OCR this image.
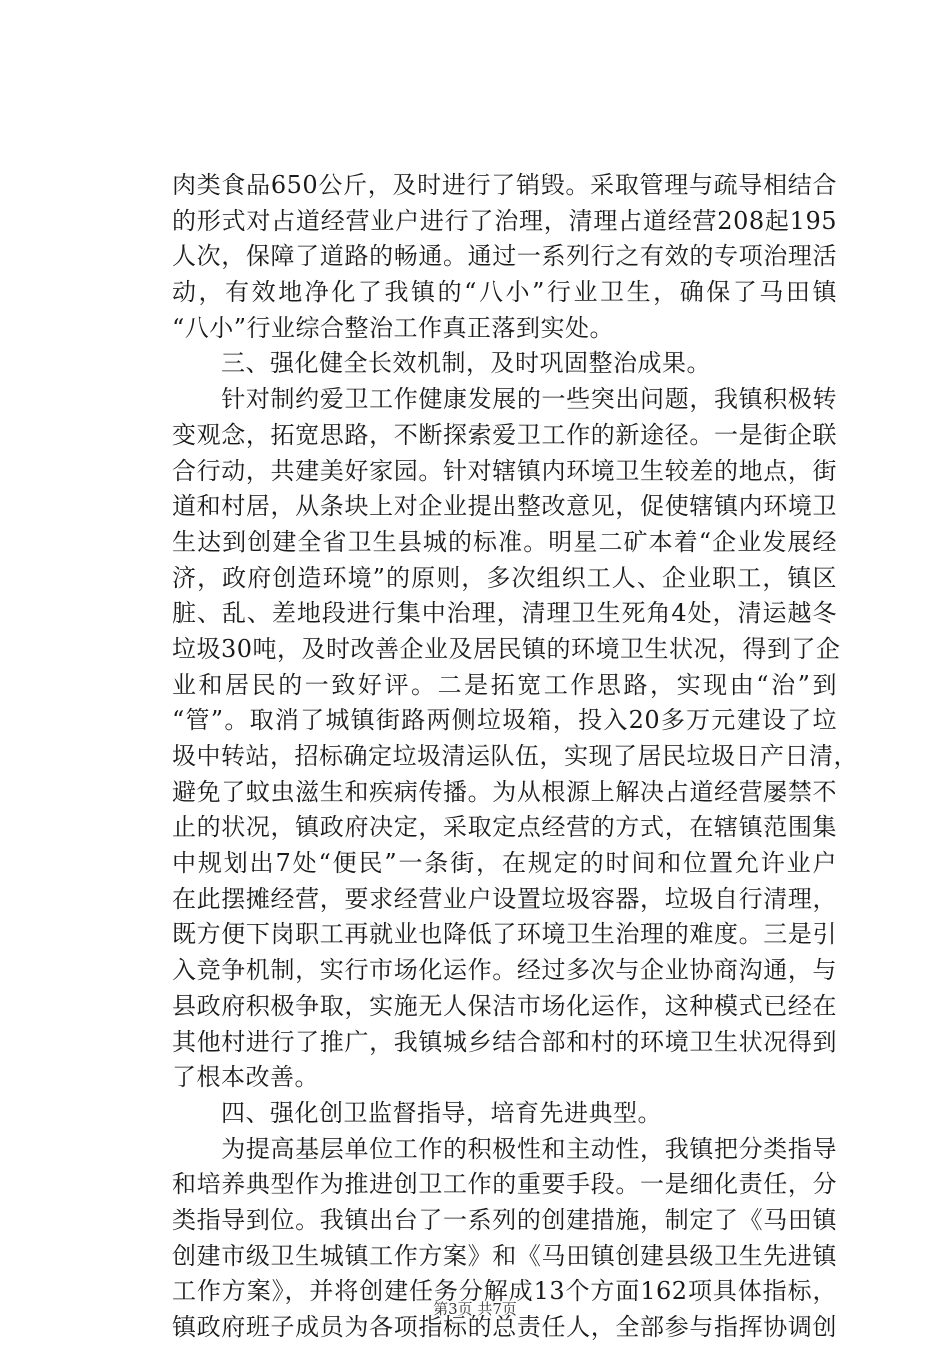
肉类食品650公斤，及时进行了销毁。采取管理与疏导相结合
的形式对占道经营业户进行了治理，清理占道经营208起195
人次，保障了道路的畅通。通过一系列行之有效的专项治理活
动，有效地净化了我镇的“八小”行业卫生，确保了马田镇
“八小”行业综合整治工作真正落到实处。
　　三、强化健全长效机制，及时巩固整治成果。
　　针对制约爱卫工作健康发展的一些突出问题，我镇积极转
变观念，拓宽思路，不断探索爱卫工作的新途径。一是街企联
合行动，共建美好家园。针对辖镇内环境卫生较差的地点，街
道和村居，从条块上对企业提出整改意见，促使辖镇内环境卫
生达到创建全省卫生县城的标准。明星二矿本着“企业发展经
济，政府创造环境”的原则，多次组织工人、企业职工，镇区
脏、乱、差地段进行集中治理，清理卫生死角4处，清运越冬
垃圾30吨，及时改善企业及居民镇的环境卫生状况，得到了企
业和居民的一致好评。二是拓宽工作思路，实现由“治”到
“管”。取消了城镇街路两侧垃圾箱，投入20多万元建设了垃
圾中转站，招标确定垃圾清运队伍，实现了居民垃圾日产日清，
避免了蚊虫滋生和疾病传播。为从根源上解决占道经营屡禁不
止的状况，镇政府决定，采取定点经营的方式，在辖镇范围集
中规划出7处“便民”一条街，在规定的时间和位置允许业户
在此摆摊经营，要求经营业户设置垃圾容器，垃圾自行清理，
既方便下岗职工再就业也降低了环境卫生治理的难度。三是引
入竞争机制，实行市场化运作。经过多次与企业协商沟通，与
县政府积极争取，实施无人保洁市场化运作，这种模式已经在
其他村进行了推广，我镇城乡结合部和村的环境卫生状况得到
了根本改善。
　　四、强化创卫监督指导，培育先进典型。
　　为提高基层单位工作的积极性和主动性，我镇把分类指导
和培养典型作为推进创卫工作的重要手段。一是细化责任，分
类指导到位。我镇出台了一系列的创建措施，制定了《马田镇
创建市级卫生城镇工作方案》和《马田镇创建县级卫生先进镇
工作方案》，并将创建任务分解成13个方面162项具体指标，
镇政府班子成员为各项指标的总责任人，全部参与指挥协调创
第3页 共7页
